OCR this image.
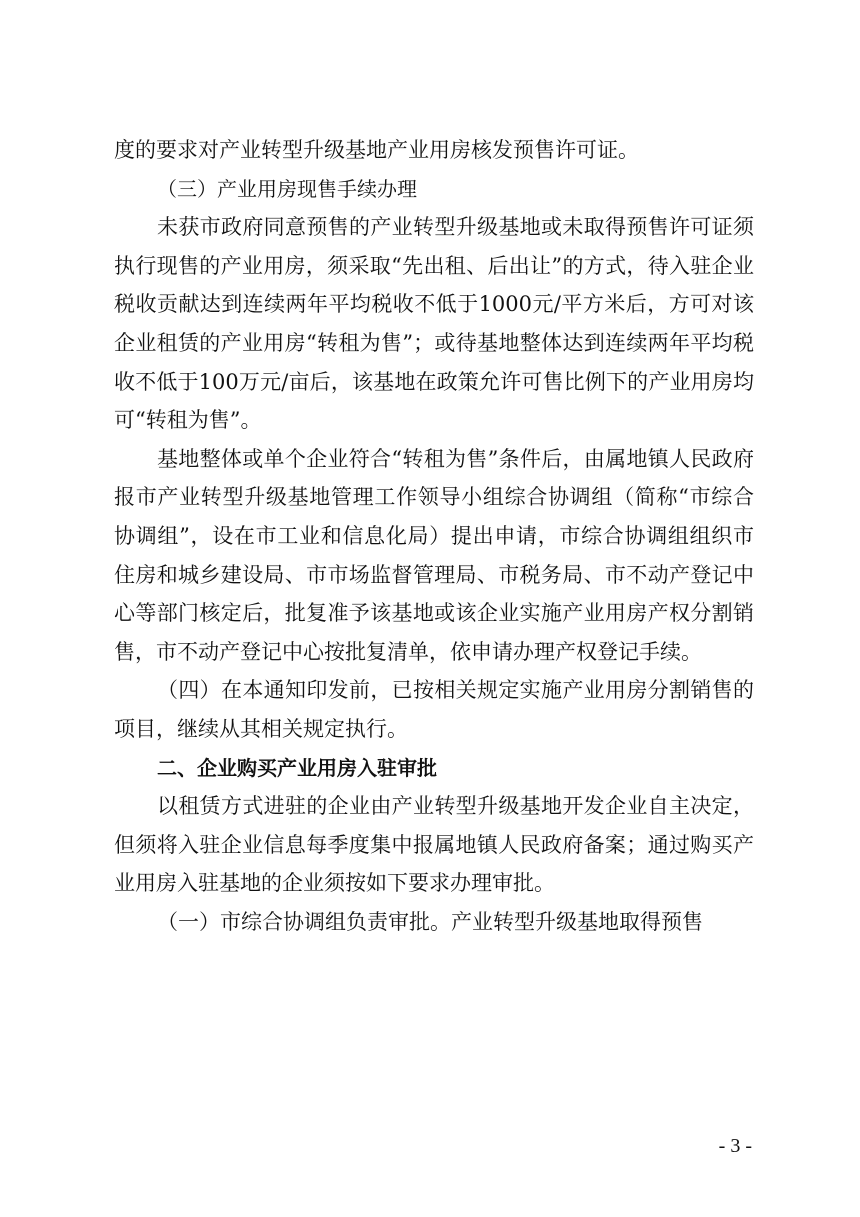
度的要求对产业转型升级基地产业用房核发预售许可证。

（三）产业用房现售手续办理

未获市政府同意预售的产业转型升级基地或未取得预售许可证须执行现售的产业用房，须采取“先出租、后出让”的方式，待入驻企业税收贡献达到连续两年平均税收不低于1000元/平方米后，方可对该企业租赁的产业用房“转租为售”；或待基地整体达到连续两年平均税收不低于100万元/亩后，该基地在政策允许可售比例下的产业用房均可“转租为售”。

基地整体或单个企业符合“转租为售”条件后，由属地镇人民政府报市产业转型升级基地管理工作领导小组综合协调组（简称“市综合协调组”，设在市工业和信息化局）提出申请，市综合协调组组织市住房和城乡建设局、市市场监督管理局、市税务局、市不动产登记中心等部门核定后，批复准予该基地或该企业实施产业用房产权分割销售，市不动产登记中心按批复清单，依申请办理产权登记手续。

（四）在本通知印发前，已按相关规定实施产业用房分割销售的项目，继续从其相关规定执行。

二、企业购买产业用房入驻审批

以租赁方式进驻的企业由产业转型升级基地开发企业自主决定，但须将入驻企业信息每季度集中报属地镇人民政府备案；通过购买产业用房入驻基地的企业须按如下要求办理审批。

（一）市综合协调组负责审批。产业转型升级基地取得预售

- 3 -
